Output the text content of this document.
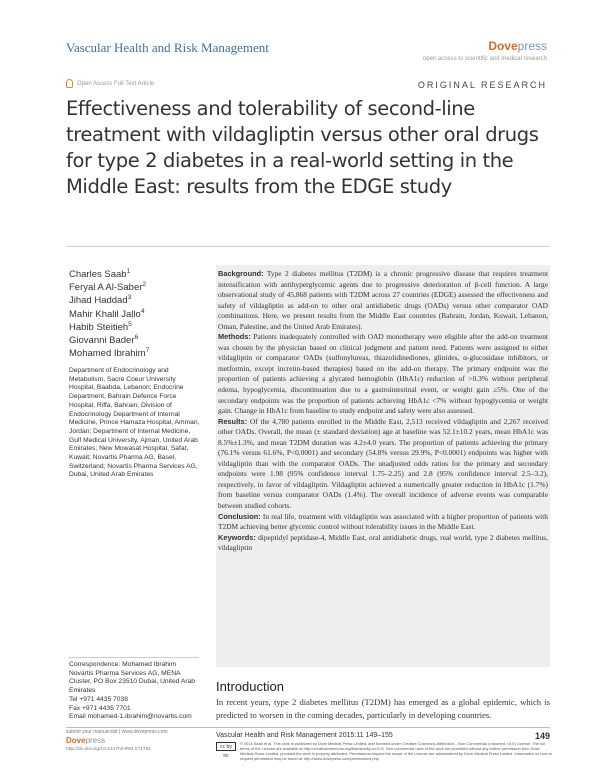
Vascular Health and Risk Management	Dovepress
open access to scientific and medical research
Open Access Full Text Article	ORIGINAL RESEARCH
Effectiveness and tolerability of second-line treatment with vildagliptin versus other oral drugs for type 2 diabetes in a real-world setting in the Middle East: results from the EDGE study
Charles Saab$^1$
Feryal A Al-Saber$^2$
Jihad Haddad$^3$
Mahir Khalil Jallo$^4$
Habib Steitieh$^5$
Giovanni Bader$^6$
Mohamed Ibrahim$^7$
Department of Endocrinology and Metabolism, Sacre Coeur University Hospital, Baabda, Lebanon; Endocrine Department, Bahrain Defence Force Hospital, Riffa, Bahrain; Division of Endocrinology Department of Internal Medicine, Prince Hamaza Hospital, Amman, Jordan; Department of Internal Medicine, Gulf Medical University, Ajman, United Arab Emirates; New Mowasat Hospital, Safat, Kuwait; Novartis Pharma AG, Basel, Switzerland; Novartis Pharma Services AG, Dubai, United Arab Emirates
Correspondence: Mohamed Ibrahim
Novartis Pharma Services AG, MENA Cluster, PO Box 23510 Dubai, United Arab Emirates
Tel +971 4435 7038
Fax +971 4435 7701
Email mohamed-1.ibrahim@novartis.com

Background: Type 2 diabetes mellitus (T2DM) is a chronic progressive disease that requires treatment intensification with antihyperglycemic agents due to progressive deterioration of β-cell function. A large observational study of 45,868 patients with T2DM across 27 countries (EDGE) assessed the effectiveness and safety of vildagliptin as add-on to other oral antidiabetic drugs (OADs) versus other comparator OAD combinations. Here, we present results from the Middle East countries (Bahrain, Jordan, Kuwait, Lebanon, Oman, Palestine, and the United Arab Emirates).

Methods: Patients inadequately controlled with OAD monotherapy were eligible after the add-on treatment was chosen by the physician based on clinical judgment and patient need. Patients were assigned to either vildagliptin or comparator OADs (sulfonylureas, thiazolidinediones, glinides, α-glucosidase inhibitors, or metformin, except incretin-based therapies) based on the add-on therapy. The primary endpoint was the proportion of patients achieving a glycated hemoglobin (HbA1c) reduction of >0.3% without peripheral edema, hypoglycemia, discontinuation due to a gastrointestinal event, or weight gain ≥5%. One of the secondary endpoints was the proportion of patients achieving HbA1c <7% without hypoglycemia or weight gain. Change in HbA1c from baseline to study endpoint and safety were also assessed.

Results: Of the 4,780 patients enrolled in the Middle East, 2,513 received vildagliptin and 2,267 received other OADs. Overall, the mean (± standard deviation) age at baseline was 52.1±10.2 years, mean HbA1c was 8.5%±1.3%, and mean T2DM duration was 4.2±4.0 years. The proportion of patients achieving the primary (76.1% versus 61.6%, P<0.0001) and secondary (54.8% versus 29.9%, P<0.0001) endpoints was higher with vildagliptin than with the comparator OADs. The unadjusted odds ratios for the primary and secondary endpoints were 1.98 (95% confidence interval 1.75–2.25) and 2.8 (95% confidence interval 2.5–3.2), respectively, in favor of vildagliptin. Vildagliptin achieved a numerically greater reduction in HbA1c (1.7%) from baseline versus comparator OADs (1.4%). The overall incidence of adverse events was comparable between studied cohorts.

Conclusion: In real life, treatment with vildagliptin was associated with a higher proportion of patients with T2DM achieving better glycemic control without tolerability issues in the Middle East.

Keywords: dipeptidyl peptidase-4, Middle East, oral antidiabetic drugs, real world, type 2 diabetes mellitus, vildagliptin

Introduction
In recent years, type 2 diabetes mellitus (T2DM) has emerged as a global epidemic, which is predicted to worsen in the coming decades, particularly in developing countries.
submit your manuscript | www.dovepress.com
Dovepress
http://dx.doi.org/10.2147/VHRM.S71761
Vascular Health and Risk Management 2015:11 149–155	149
cc by nc
© 2015 Saab et al. This work is published by Dove Medical Press Limited, and licensed under Creative Commons Attribution – Non Commercial (unported, v3.0) License. The full terms of the License are available at http://creativecommons.org/licenses/by-nc/3.0/. Non-commercial uses of the work are permitted without any further permission from Dove Medical Press Limited, provided the work is properly attributed. Permissions beyond the scope of the License are administered by Dove Medical Press Limited. Information on how to request permission may be found at: http://www.dovepress.com/permissions.php
